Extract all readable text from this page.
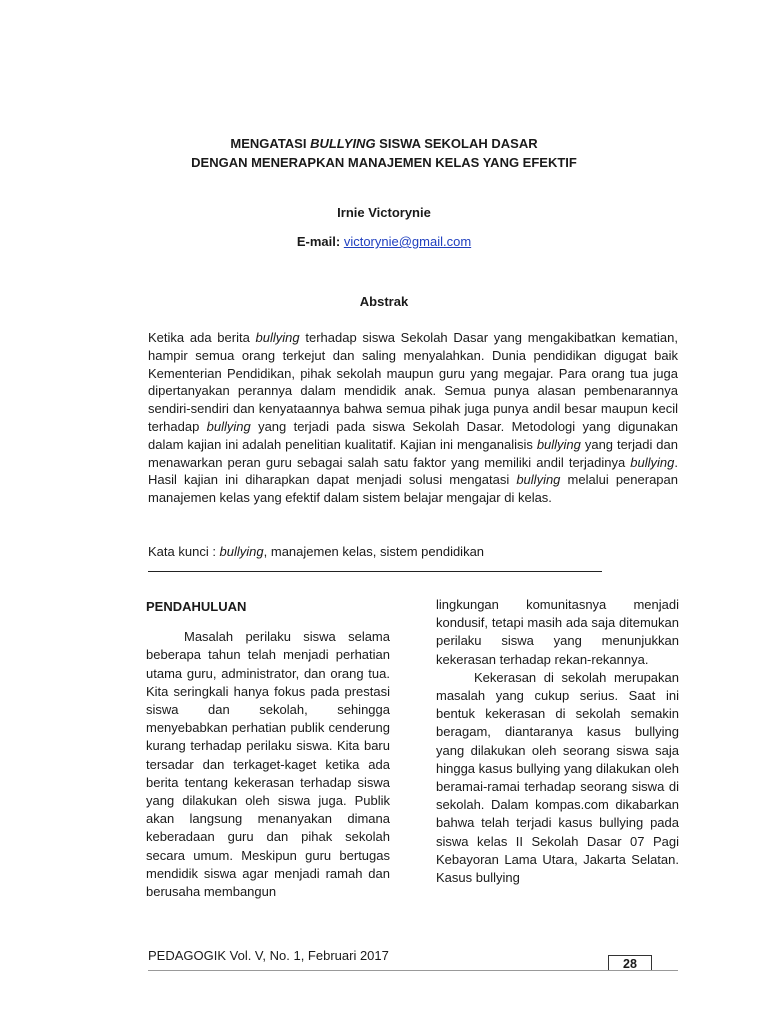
MENGATASI BULLYING SISWA SEKOLAH DASAR
DENGAN MENERAPKAN MANAJEMEN KELAS YANG EFEKTIF
Irnie Victorynie
E-mail: victorynie@gmail.com
Abstrak
Ketika ada berita bullying terhadap siswa Sekolah Dasar yang mengakibatkan kematian, hampir semua orang terkejut dan saling menyalahkan. Dunia pendidikan digugat baik Kementerian Pendidikan, pihak sekolah maupun guru yang megajar. Para orang tua juga dipertanyakan perannya dalam mendidik anak. Semua punya alasan pembenarannya sendiri-sendiri dan kenyataannya bahwa semua pihak juga punya andil besar maupun kecil terhadap bullying yang terjadi pada siswa Sekolah Dasar. Metodologi yang digunakan dalam kajian ini adalah penelitian kualitatif. Kajian ini menganalisis bullying yang terjadi dan menawarkan peran guru sebagai salah satu faktor yang memiliki andil terjadinya bullying. Hasil kajian ini diharapkan dapat menjadi solusi mengatasi bullying melalui penerapan manajemen kelas yang efektif dalam sistem belajar mengajar di kelas.
Kata kunci : bullying, manajemen kelas, sistem pendidikan

PENDAHULUAN

Masalah perilaku siswa selama beberapa tahun telah menjadi perhatian utama guru, administrator, dan orang tua. Kita seringkali hanya fokus pada prestasi siswa dan sekolah, sehingga menyebabkan perhatian publik cenderung kurang terhadap perilaku siswa. Kita baru tersadar dan terkaget-kaget ketika ada berita tentang kekerasan terhadap siswa yang dilakukan oleh siswa juga. Publik akan langsung menanyakan dimana keberadaan guru dan pihak sekolah secara umum. Meskipun guru bertugas mendidik siswa agar menjadi ramah dan berusaha membangun

lingkungan komunitasnya menjadi kondusif, tetapi masih ada saja ditemukan perilaku siswa yang menunjukkan kekerasan terhadap rekan-rekannya.

Kekerasan di sekolah merupakan masalah yang cukup serius. Saat ini bentuk kekerasan di sekolah semakin beragam, diantaranya kasus bullying yang dilakukan oleh seorang siswa saja hingga kasus bullying yang dilakukan oleh beramai-ramai terhadap seorang siswa di sekolah. Dalam kompas.com dikabarkan bahwa telah terjadi kasus bullying pada siswa kelas II Sekolah Dasar 07 Pagi Kebayoran Lama Utara, Jakarta Selatan. Kasus bullying

PEDAGOGIK Vol. V, No. 1, Februari 2017
28
